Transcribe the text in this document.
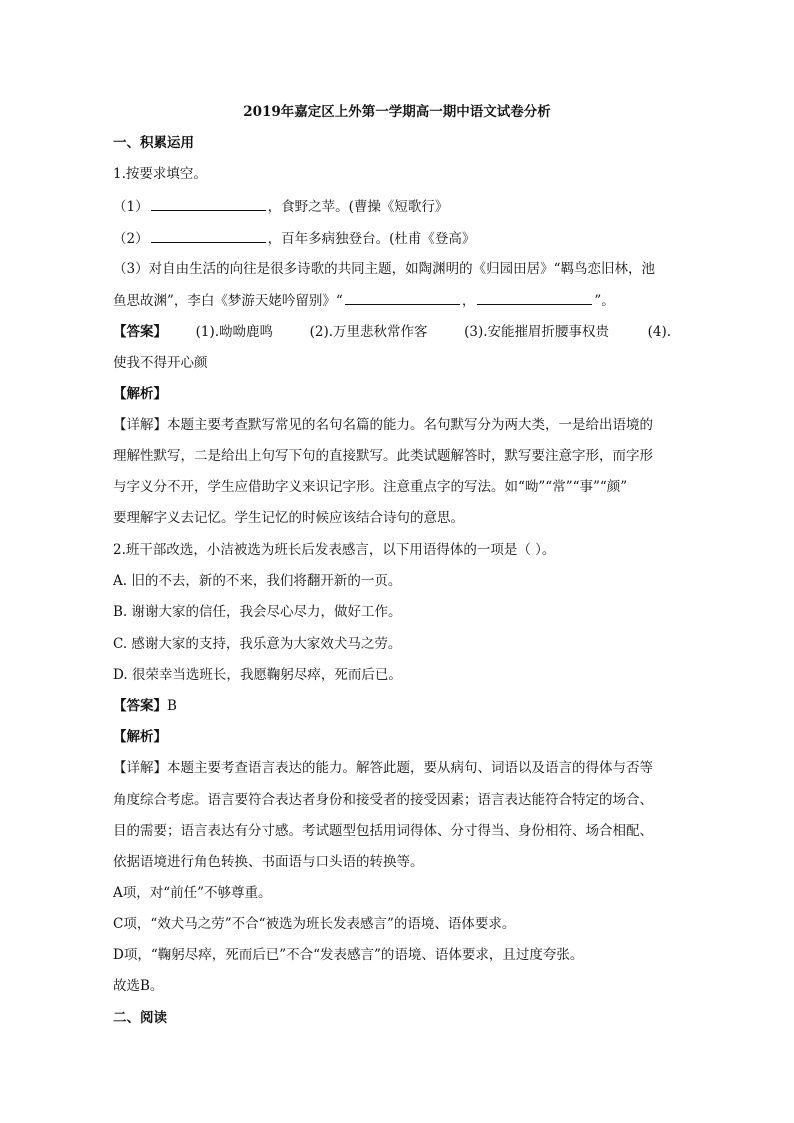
2019年嘉定区上外第一学期高一期中语文试卷分析
一、积累运用
1.按要求填空。
（1）	，食野之苹。(曹操《短歌行》
（2）	，百年多病独登台。(杜甫《登高》
（3）对自由生活的向往是很多诗歌的共同主题，如陶渊明的《归园田居》“羁鸟恋旧林，池
鱼思故渊”，李白《梦游天姥吟留别》“	，	”。
【答案】 (1).呦呦鹿鸣	(2).万里悲秋常作客	(3).安能摧眉折腰事权贵	(4).
使我不得开心颜
【解析】
【详解】本题主要考查默写常见的名句名篇的能力。名句默写分为两大类，一是给出语境的
理解性默写，二是给出上句写下句的直接默写。此类试题解答时，默写要注意字形，而字形
与字义分不开，学生应借助字义来识记字形。注意重点字的写法。如“呦”“常”“事”“颜”
要理解字义去记忆。学生记忆的时候应该结合诗句的意思。
2.班干部改选，小洁被选为班长后发表感言，以下用语得体的一项是（ ）。
A. 旧的不去，新的不来，我们将翻开新的一页。
B. 谢谢大家的信任，我会尽心尽力，做好工作。
C. 感谢大家的支持，我乐意为大家效犬马之劳。
D. 很荣幸当选班长，我愿鞠躬尽瘁，死而后已。
【答案】B
【解析】
【详解】本题主要考查语言表达的能力。解答此题，要从病句、词语以及语言的得体与否等
角度综合考虑。语言要符合表达者身份和接受者的接受因素；语言表达能符合特定的场合、
目的需要；语言表达有分寸感。考试题型包括用词得体、分寸得当、身份相符、场合相配、
依据语境进行角色转换、书面语与口头语的转换等。
A项，对“前任”不够尊重。
C项，“效犬马之劳”不合“被选为班长发表感言”的语境、语体要求。
D项，“鞠躬尽瘁，死而后已”不合“发表感言”的语境、语体要求，且过度夸张。
故选B。
二、阅读
